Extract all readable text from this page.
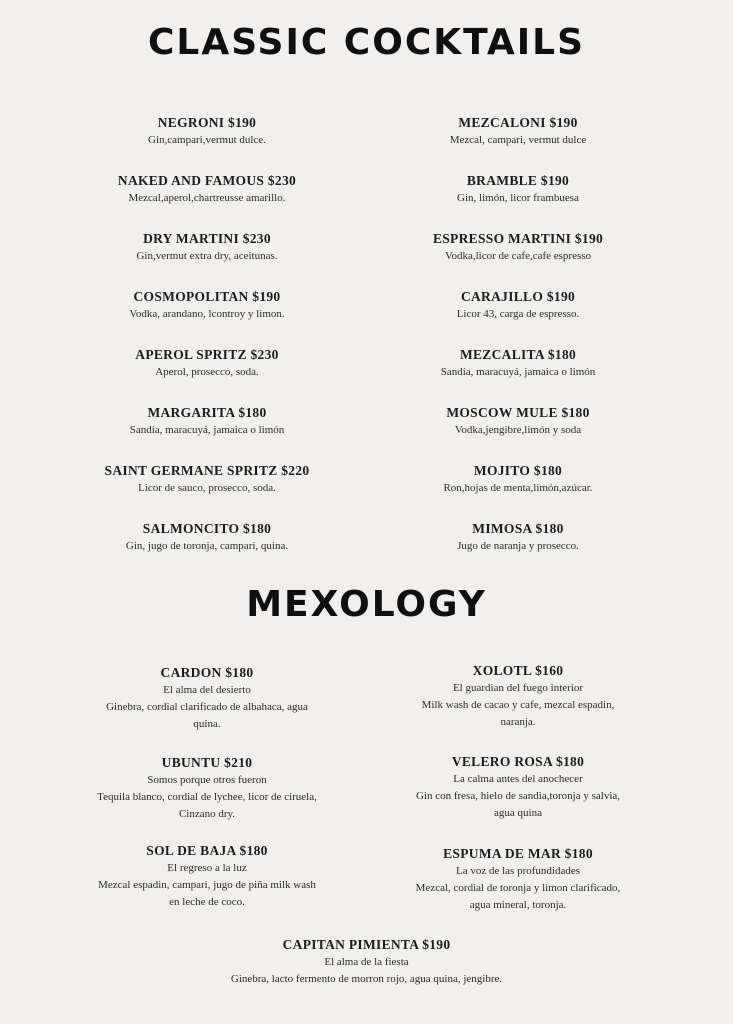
CLASSIC COCKTAILS
NEGRONI $190
Gin,campari,vermut dulce.
NAKED AND FAMOUS $230
Mezcal,aperol,chartreusse amarillo.
DRY MARTINI $230
Gin,vermut extra dry, aceitunas.
COSMOPOLITAN $190
Vodka, arandano, lcontroy y limon.
APEROL SPRITZ $230
Aperol, prosecco, soda.
MARGARITA $180
Sandía, maracuyá, jamaica o limón
SAINT GERMANE SPRITZ $220
Licor de sauco, prosecco, soda.
SALMONCITO $180
Gin, jugo de toronja, campari, quina.
MEZCALONI $190
Mezcal, campari, vermut dulce
BRAMBLE $190
Gin, limón, licor frambuesa
ESPRESSO MARTINI $190
Vodka,licor de cafe,cafe espresso
CARAJILLO $190
Licor 43, carga de espresso.
MEZCALITA $180
Sandía, maracuyá, jamaica o limón
MOSCOW MULE $180
Vodka,jengibre,limón y soda
MOJITO $180
Ron,hojas de menta,limón,azúcar.
MIMOSA $180
Jugo de naranja y prosecco.
MEXOLOGY
CARDON $180
El alma del desierto
Ginebra, cordial clarificado de albahaca, agua
quina.
UBUNTU $210
Somos porque otros fueron
Tequila blanco, cordial de lychee, licor de ciruela,
Cinzano dry.
SOL DE BAJA $180
El regreso a la luz
Mezcal espadin, campari, jugo de piña milk wash
en leche de coco.
XOLOTL $160
El guardian del fuego interior
Milk wash de cacao y cafe, mezcal espadin,
naranja.
VELERO ROSA $180
La calma antes del anochecer
Gin con fresa, hielo de sandia,toronja y salvia,
agua quina
ESPUMA DE MAR $180
La voz de las profundidades
Mezcal, cordial de toronja y limon clarificado,
agua mineral, toronja.
CAPITAN PIMIENTA $190
El alma de la fiesta
Ginebra, lacto fermento de morron rojo, agua quina, jengibre.
